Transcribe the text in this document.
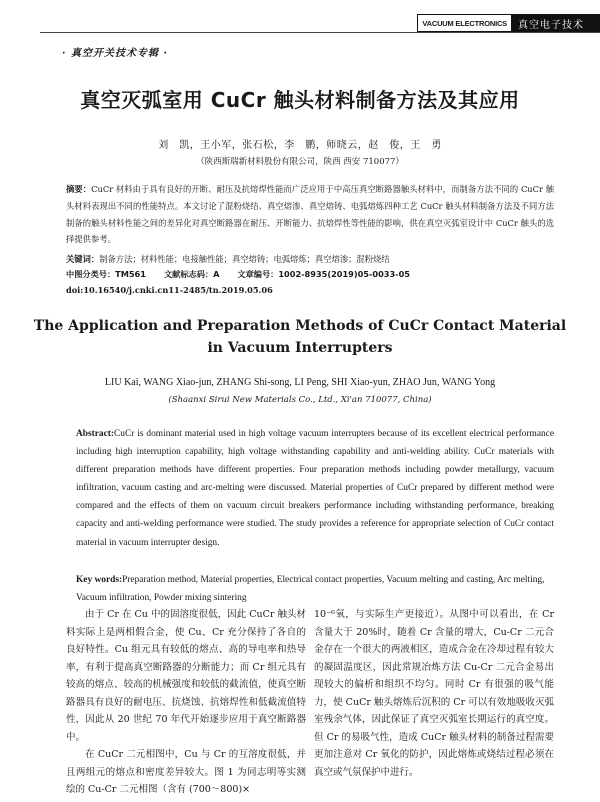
VACUUM ELECTRONICS	真空电子技术
· 真空开关技术专辑 ·
真空灭弧室用 CuCr 触头材料制备方法及其应用
刘　凯，王小军，张石松，李　鹏，师晓云，赵　俊，王　勇
（陕西斯瑞新材料股份有限公司，陕西 西安 710077）

摘要：CuCr 材料由于具有良好的开断、耐压及抗熔焊性能而广泛应用于中高压真空断路器触头材料中，而制备方法不同的 CuCr 触头材料表现出不同的性能特点。本文讨论了混粉烧结、真空熔渗、真空熔铸、电弧熔炼四种工艺 CuCr 触头材料制备方法及不同方法制备的触头材料性能之间的差异化对真空断路器在耐压、开断能力、抗熔焊性等性能的影响，供在真空灭弧室设计中 CuCr 触头的选择提供参考。

关键词：制备方法；材料性能；电接触性能；真空熔铸；电弧熔炼；真空熔渗；混粉烧结

中图分类号：TM561 文献标志码：A 文章编号：1002-8935(2019)05-0033-05
doi:10.16540/j.cnki.cn11-2485/tn.2019.05.06
The Application and Preparation Methods of CuCr Contact Material
in Vacuum Interrupters
LIU Kai, WANG Xiao-jun, ZHANG Shi-song, LI Peng, SHI Xiao-yun, ZHAO Jun, WANG Yong
(Shaanxi Sirui New Materials Co., Ltd., Xi'an 710077, China)

Abstract:CuCr is dominant material used in high voltage vacuum interrupters because of its excellent electrical performance including high interruption capability, high voltage withstanding capability and anti-welding ability. CuCr materials with different preparation methods have different properties. Four preparation methods including powder metallurgy, vacuum infiltration, vacuum casting and arc-melting were discussed. Material properties of CuCr prepared by different method were compared and the effects of them on vacuum circuit breakers performance including withstanding performance, breaking capacity and anti-welding performance were studied. The study provides a reference for appropriate selection of CuCr contact material in vacuum interrupter design.

Key words:Preparation method, Material properties, Electrical contact properties, Vacuum melting and casting, Arc melting, Vacuum infiltration, Powder mixing sintering

由于 Cr 在 Cu 中的固溶度很低，因此 CuCr 触头材料实际上是两相假合金，使 Cu、Cr 充分保持了各自的良好特性。Cu 组元具有较低的熔点、高的导电率和热导率，有利于提高真空断路器的分断能力；而 Cr 组元具有较高的熔点、较高的机械强度和较低的截流值，使真空断路器具有良好的耐电压、抗烧蚀、抗熔焊性和低截流值特性，因此从 20 世纪 70 年代开始逐步应用于真空断路器中。

在 CuCr 二元相图中，Cu 与 Cr 的互溶度很低，并且两组元的熔点和密度差异较大。图 1 为同志明等实测绘的 Cu-Cr 二元相图（含有 (700～800)×

10⁻⁶氧，与实际生产更接近）。从图中可以看出，在 Cr 含量大于 20%时，随着 Cr 含量的增大，Cu-Cr 二元合金存在一个很大的两液相区，造成合金在冷却过程有较大的凝固温度区，因此常规冶炼方法 Cu-Cr 二元合金易出现较大的偏析和组织不均匀。同时 Cr 有很强的吸气能力，使 CuCr 触头熔炼后沉积的 Cr 可以有效地吸收灭弧室残余气体，因此保证了真空灭弧室长期运行的真空度。但 Cr 的易吸气性，造成 CuCr 触头材料的制备过程需要更加注意对 Cr 氧化的防护，因此熔炼或烧结过程必须在真空或气氛保护中进行。
